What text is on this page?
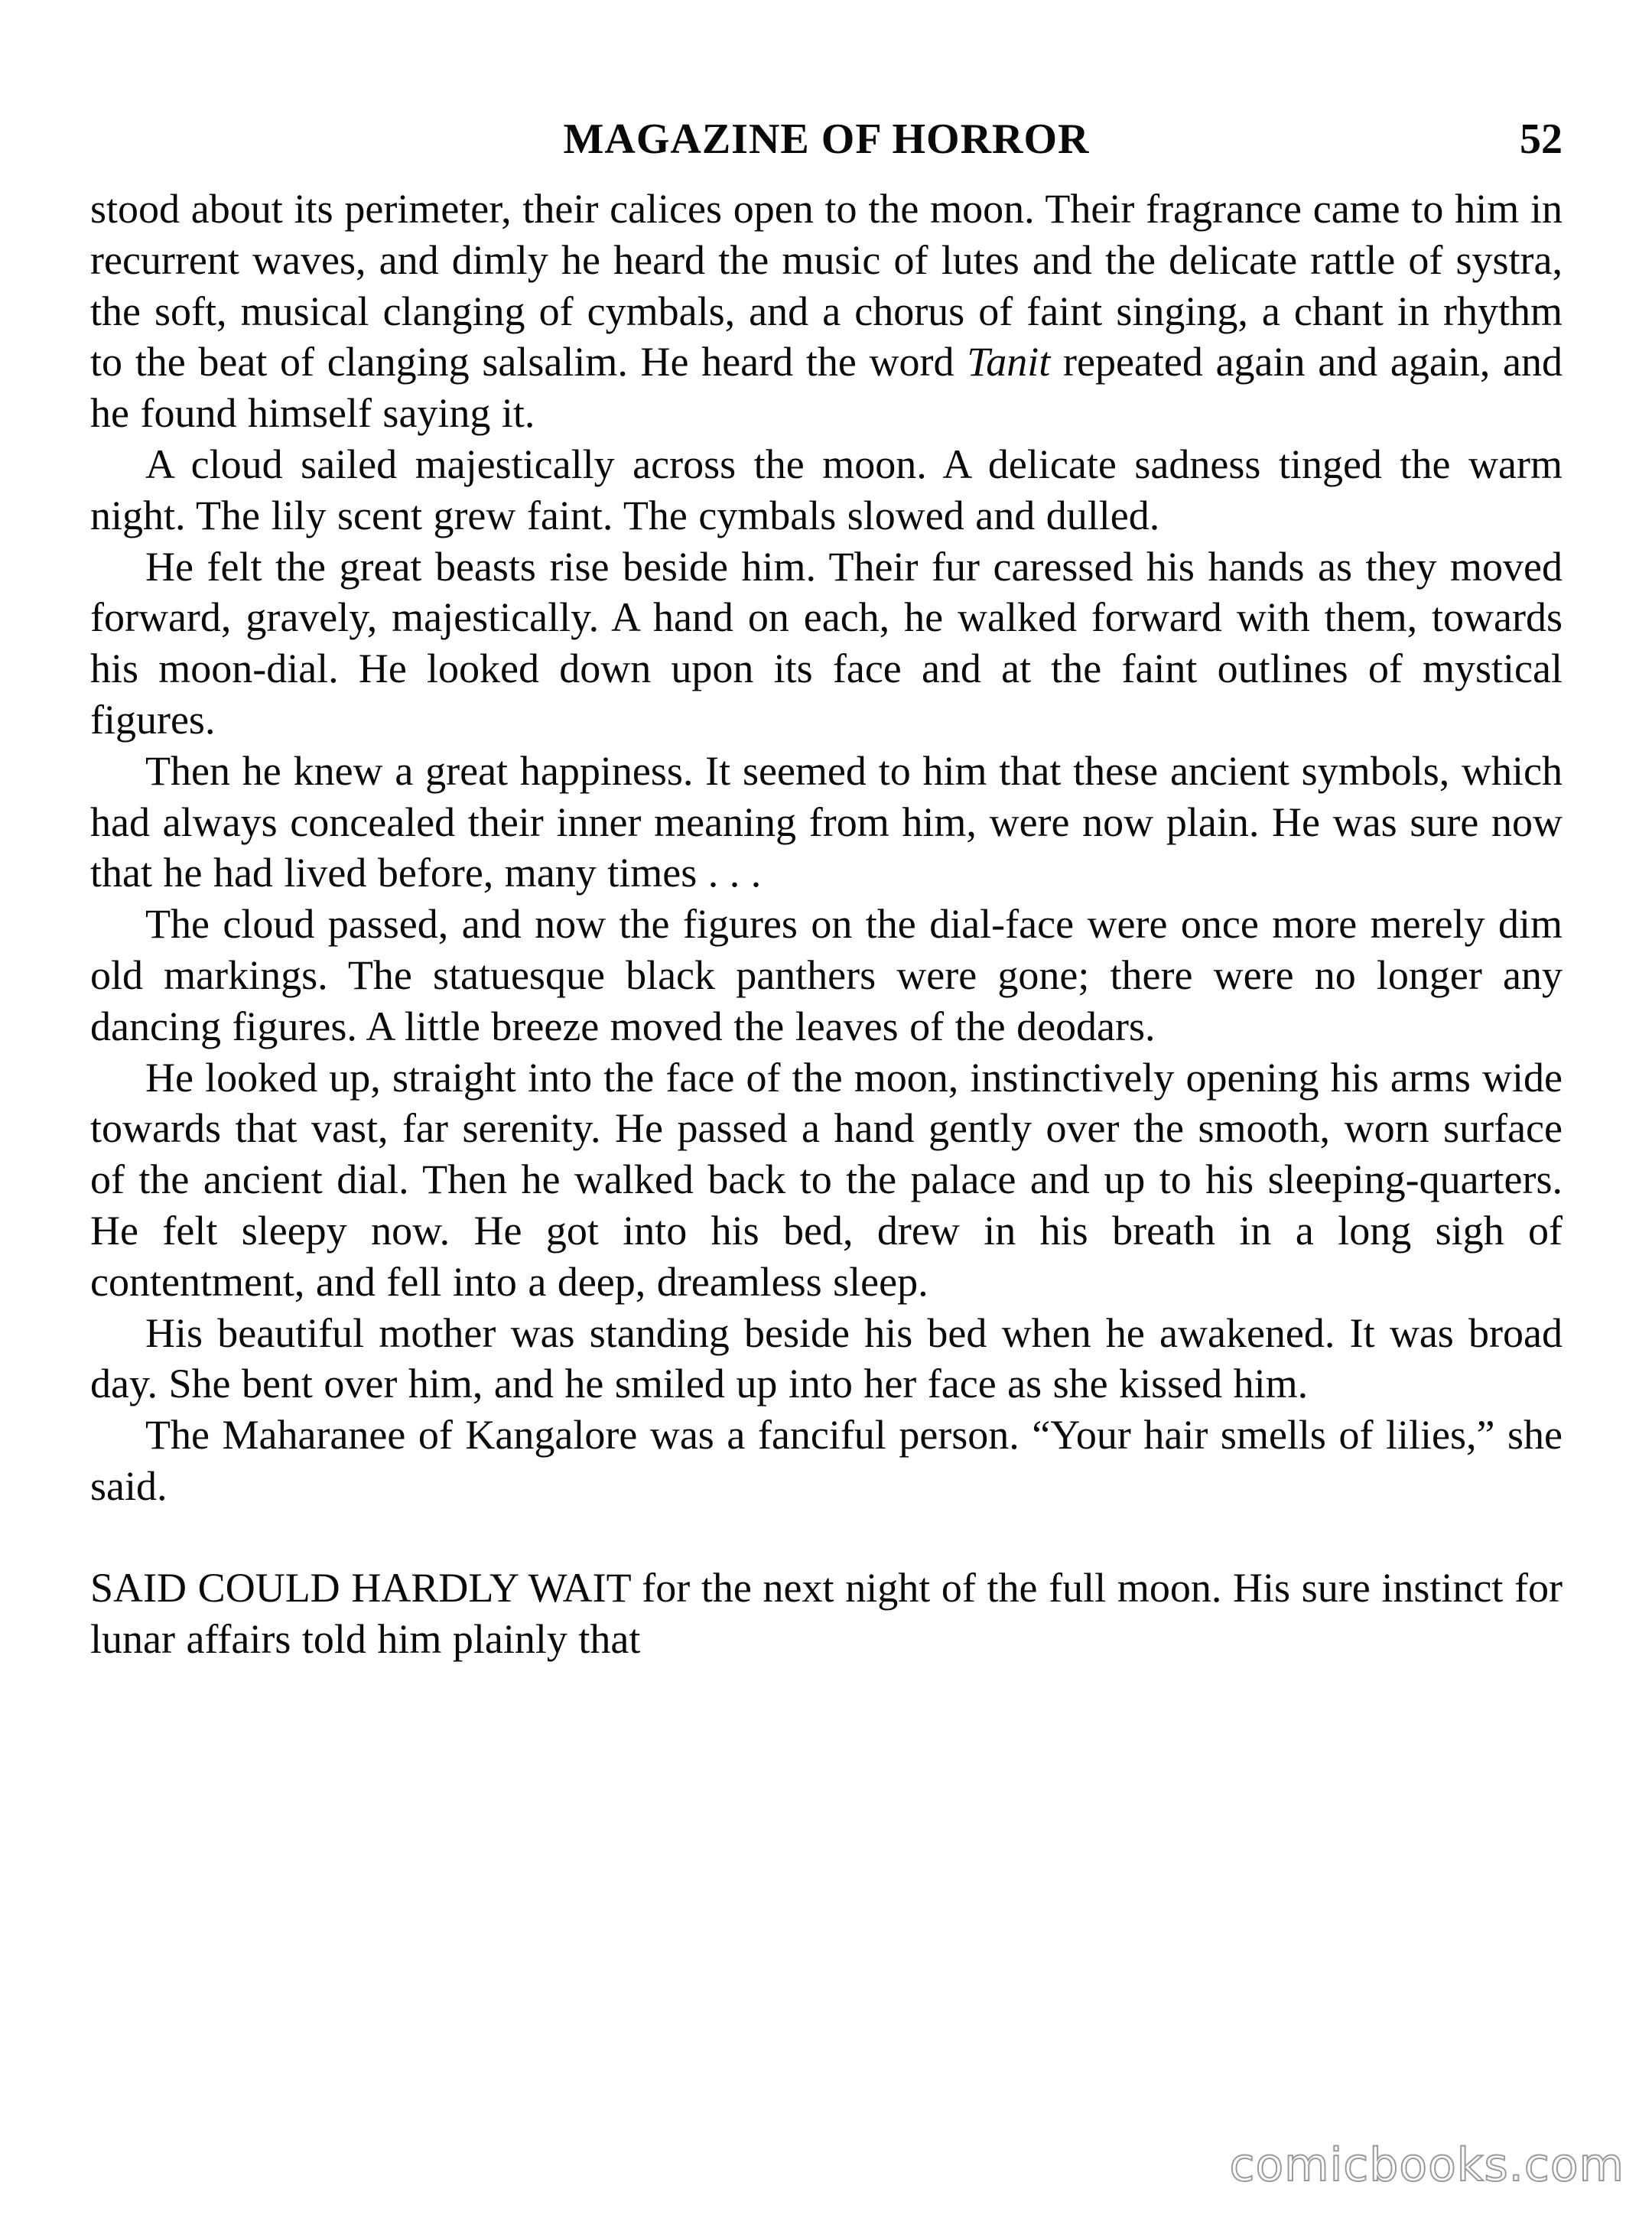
MAGAZINE OF HORROR	52

stood about its perimeter, their calices open to the moon. Their fragrance came to him in recurrent waves, and dimly he heard the music of lutes and the delicate rattle of systra, the soft, musical clanging of cymbals, and a chorus of faint singing, a chant in rhythm to the beat of clanging salsalim. He heard the word Tanit repeated again and again, and he found himself saying it.

A cloud sailed majestically across the moon. A delicate sadness tinged the warm night. The lily scent grew faint. The cymbals slowed and dulled.

He felt the great beasts rise beside him. Their fur caressed his hands as they moved forward, gravely, majestically. A hand on each, he walked forward with them, towards his moon-dial. He looked down upon its face and at the faint outlines of mystical figures.

Then he knew a great happiness. It seemed to him that these ancient symbols, which had always concealed their inner meaning from him, were now plain. He was sure now that he had lived before, many times . . .

The cloud passed, and now the figures on the dial-face were once more merely dim old markings. The statuesque black panthers were gone; there were no longer any dancing figures. A little breeze moved the leaves of the deodars.

He looked up, straight into the face of the moon, instinctively opening his arms wide towards that vast, far serenity. He passed a hand gently over the smooth, worn surface of the ancient dial. Then he walked back to the palace and up to his sleeping-quarters. He felt sleepy now. He got into his bed, drew in his breath in a long sigh of contentment, and fell into a deep, dreamless sleep.

His beautiful mother was standing beside his bed when he awakened. It was broad day. She bent over him, and he smiled up into her face as she kissed him.

The Maharanee of Kangalore was a fanciful person. “Your hair smells of lilies,” she said.

SAID COULD HARDLY WAIT for the next night of the full moon. His sure instinct for lunar affairs told him plainly that

comicbooks.com
